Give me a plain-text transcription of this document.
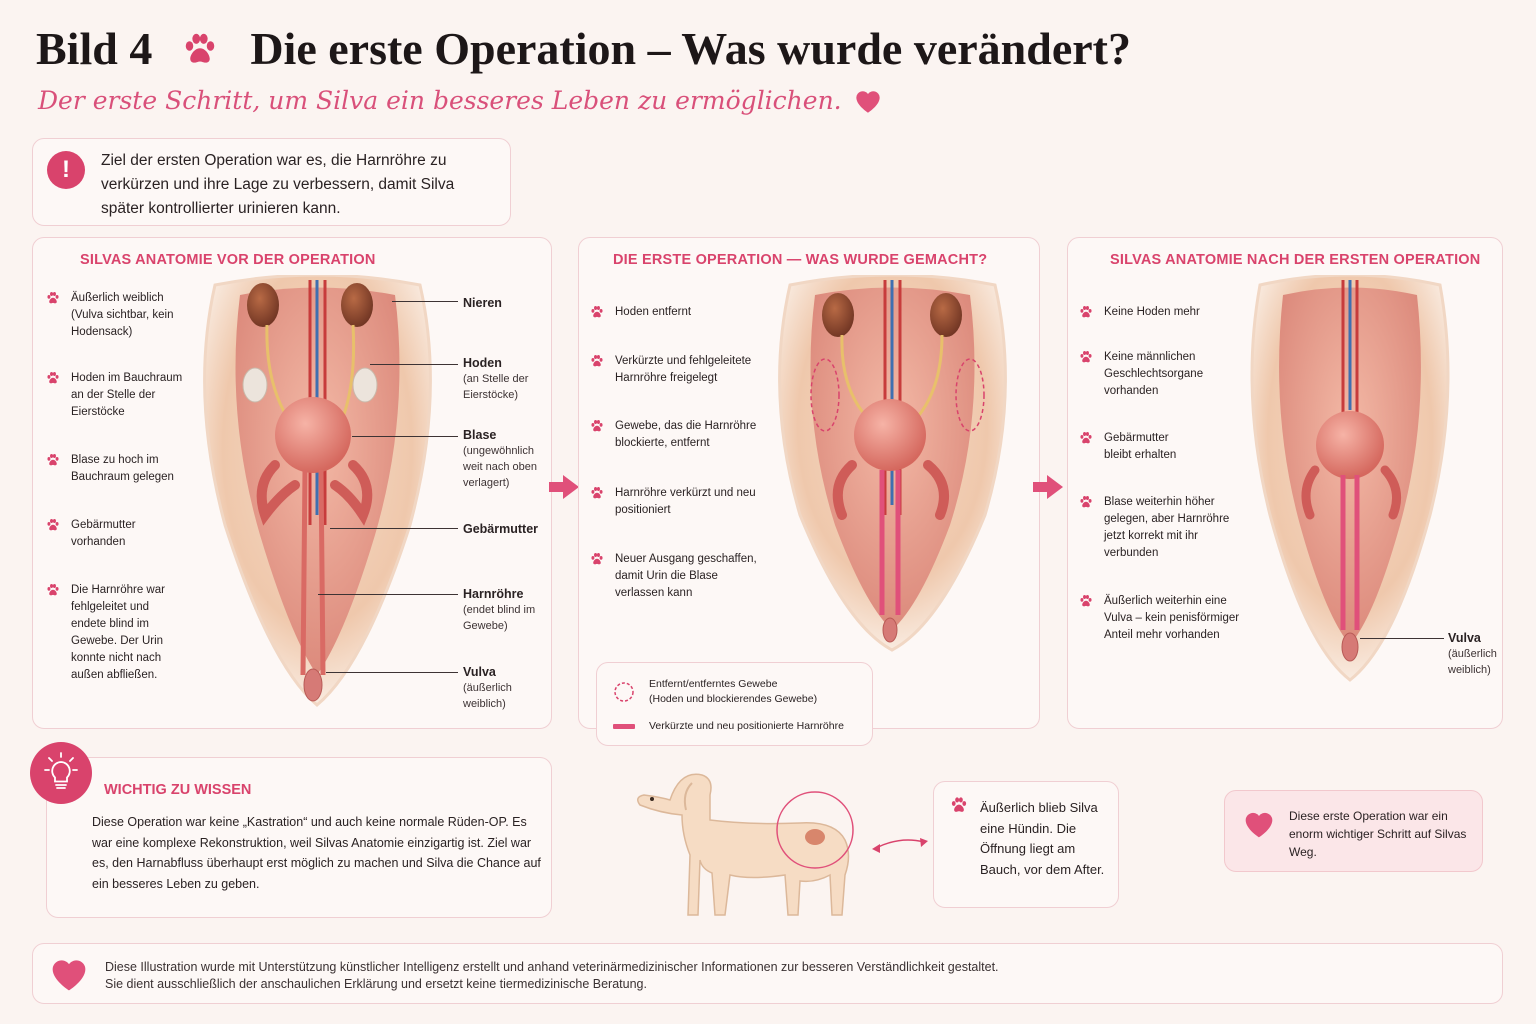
Bild 4 Die erste Operation – Was wurde verändert?
Der erste Schritt, um Silva ein besseres Leben zu ermöglichen.
!	Ziel der ersten Operation war es, die Harnröhre zu verkürzen und ihre Lage zu verbessern, damit Silva später kontrollierter urinieren kann.
SILVAS ANATOMIE VOR DER OPERATION
Äußerlich weiblich
(Vulva sichtbar, kein Hodensack)
Hoden im Bauchraum
an der Stelle der Eierstöcke
Blase zu hoch im
Bauchraum gelegen
Gebärmutter
vorhanden
Die Harnröhre war fehlgeleitet und endete blind im Gewebe. Der Urin konnte nicht nach außen abfließen.
Nieren
Hoden
(an Stelle der Eierstöcke)
Blase
(ungewöhnlich weit nach oben verlagert)
Gebärmutter
Harnröhre
(endet blind im Gewebe)
Vulva
(äußerlich weiblich)
DIE ERSTE OPERATION — WAS WURDE GEMACHT?
Hoden entfernt
Verkürzte und fehlgeleitete Harnröhre freigelegt
Gewebe, das die Harnröhre blockierte, entfernt
Harnröhre verkürzt und neu positioniert
Neuer Ausgang geschaffen, damit Urin die Blase verlassen kann
Entfernt/entferntes Gewebe
(Hoden und blockierendes Gewebe)
Verkürzte und neu positionierte Harnröhre
SILVAS ANATOMIE NACH DER ERSTEN OPERATION
Keine Hoden mehr
Keine männlichen Geschlechtsorgane vorhanden
Gebärmutter bleibt erhalten
Blase weiterhin höher gelegen, aber Harnröhre jetzt korrekt mit ihr verbunden
Äußerlich weiterhin eine Vulva – kein penisförmiger Anteil mehr vorhanden	Vulva
(äußerlich weiblich)
WICHTIG ZU WISSEN
Diese Operation war keine „Kastration“ und auch keine normale Rüden-OP. Es war eine komplexe Rekonstruktion, weil Silvas Anatomie einzigartig ist. Ziel war es, den Harnabfluss überhaupt erst möglich zu machen und Silva die Chance auf ein besseres Leben zu geben.
Äußerlich blieb Silva eine Hündin. Die Öffnung liegt am Bauch, vor dem After.
Diese erste Operation war ein enorm wichtiger Schritt auf Silvas Weg.
Diese Illustration wurde mit Unterstützung künstlicher Intelligenz erstellt und anhand veterinärmedizinischer Informationen zur besseren Verständlichkeit gestaltet.
Sie dient ausschließlich der anschaulichen Erklärung und ersetzt keine tiermedizinische Beratung.
